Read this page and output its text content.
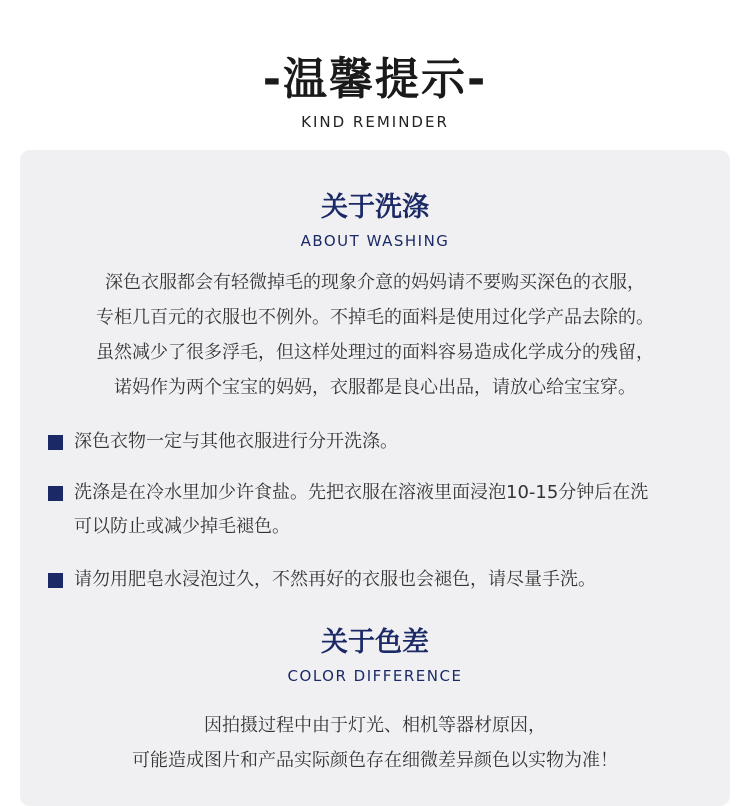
-温馨提示-
KIND REMINDER
关于洗涤
ABOUT WASHING
深色衣服都会有轻微掉毛的现象介意的妈妈请不要购买深色的衣服，
专柜几百元的衣服也不例外。不掉毛的面料是使用过化学产品去除的。
虽然减少了很多浮毛，但这样处理过的面料容易造成化学成分的残留，
诺妈作为两个宝宝的妈妈，衣服都是良心出品，请放心给宝宝穿。
深色衣物一定与其他衣服进行分开洗涤。
洗涤是在冷水里加少许食盐。先把衣服在溶液里面浸泡10-15分钟后在洗
可以防止或减少掉毛褪色。
请勿用肥皂水浸泡过久，不然再好的衣服也会褪色，请尽量手洗。
关于色差
COLOR DIFFERENCE
因拍摄过程中由于灯光、相机等器材原因，
可能造成图片和产品实际颜色存在细微差异颜色以实物为准！
